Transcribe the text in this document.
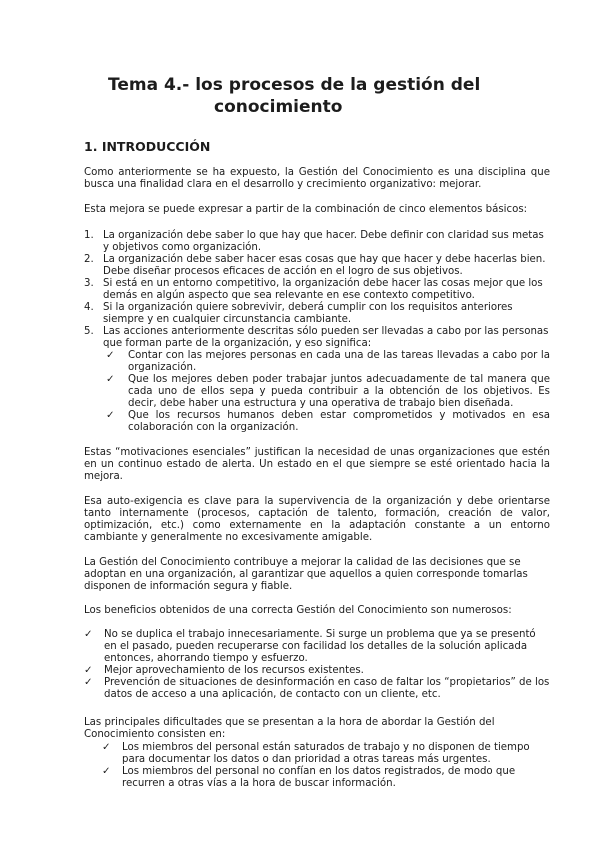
Tema 4.- los procesos de la gestión del
conocimiento
1. INTRODUCCIÓN

Como anteriormente se ha expuesto, la Gestión del Conocimiento es una disciplina que busca una finalidad clara en el desarrollo y crecimiento organizativo: mejorar.

Esta mejora se puede expresar a partir de la combinación de cinco elementos básicos:

1. La organización debe saber lo que hay que hacer. Debe definir con claridad sus metas y objetivos como organización.
2. La organización debe saber hacer esas cosas que hay que hacer y debe hacerlas bien. Debe diseñar procesos eficaces de acción en el logro de sus objetivos.
3. Si está en un entorno competitivo, la organización debe hacer las cosas mejor que los demás en algún aspecto que sea relevante en ese contexto competitivo.
4. Si la organización quiere sobrevivir, deberá cumplir con los requisitos anteriores siempre y en cualquier circunstancia cambiante.
5. Las acciones anteriormente descritas sólo pueden ser llevadas a cabo por las personas que forman parte de la organización, y eso significa:
✓ Contar con las mejores personas en cada una de las tareas llevadas a cabo por la organización.
✓ Que los mejores deben poder trabajar juntos adecuadamente de tal manera que cada uno de ellos sepa y pueda contribuir a la obtención de los objetivos. Es decir, debe haber una estructura y una operativa de trabajo bien diseñada.
✓ Que los recursos humanos deben estar comprometidos y motivados en esa colaboración con la organización.

Estas “motivaciones esenciales” justifican la necesidad de unas organizaciones que estén en un continuo estado de alerta. Un estado en el que siempre se esté orientado hacia la mejora.

Esa auto-exigencia es clave para la supervivencia de la organización y debe orientarse tanto internamente (procesos, captación de talento, formación, creación de valor, optimización, etc.) como externamente en la adaptación constante a un entorno cambiante y generalmente no excesivamente amigable.

La Gestión del Conocimiento contribuye a mejorar la calidad de las decisiones que se adoptan en una organización, al garantizar que aquellos a quien corresponde tomarlas disponen de información segura y fiable.

Los beneficios obtenidos de una correcta Gestión del Conocimiento son numerosos:

✓ No se duplica el trabajo innecesariamente. Si surge un problema que ya se presentó en el pasado, pueden recuperarse con facilidad los detalles de la solución aplicada entonces, ahorrando tiempo y esfuerzo.
✓ Mejor aprovechamiento de los recursos existentes.
✓ Prevención de situaciones de desinformación en caso de faltar los “propietarios” de los datos de acceso a una aplicación, de contacto con un cliente, etc.

Las principales dificultades que se presentan a la hora de abordar la Gestión del Conocimiento consisten en:

✓ Los miembros del personal están saturados de trabajo y no disponen de tiempo para documentar los datos o dan prioridad a otras tareas más urgentes.
✓ Los miembros del personal no confían en los datos registrados, de modo que recurren a otras vías a la hora de buscar información.
